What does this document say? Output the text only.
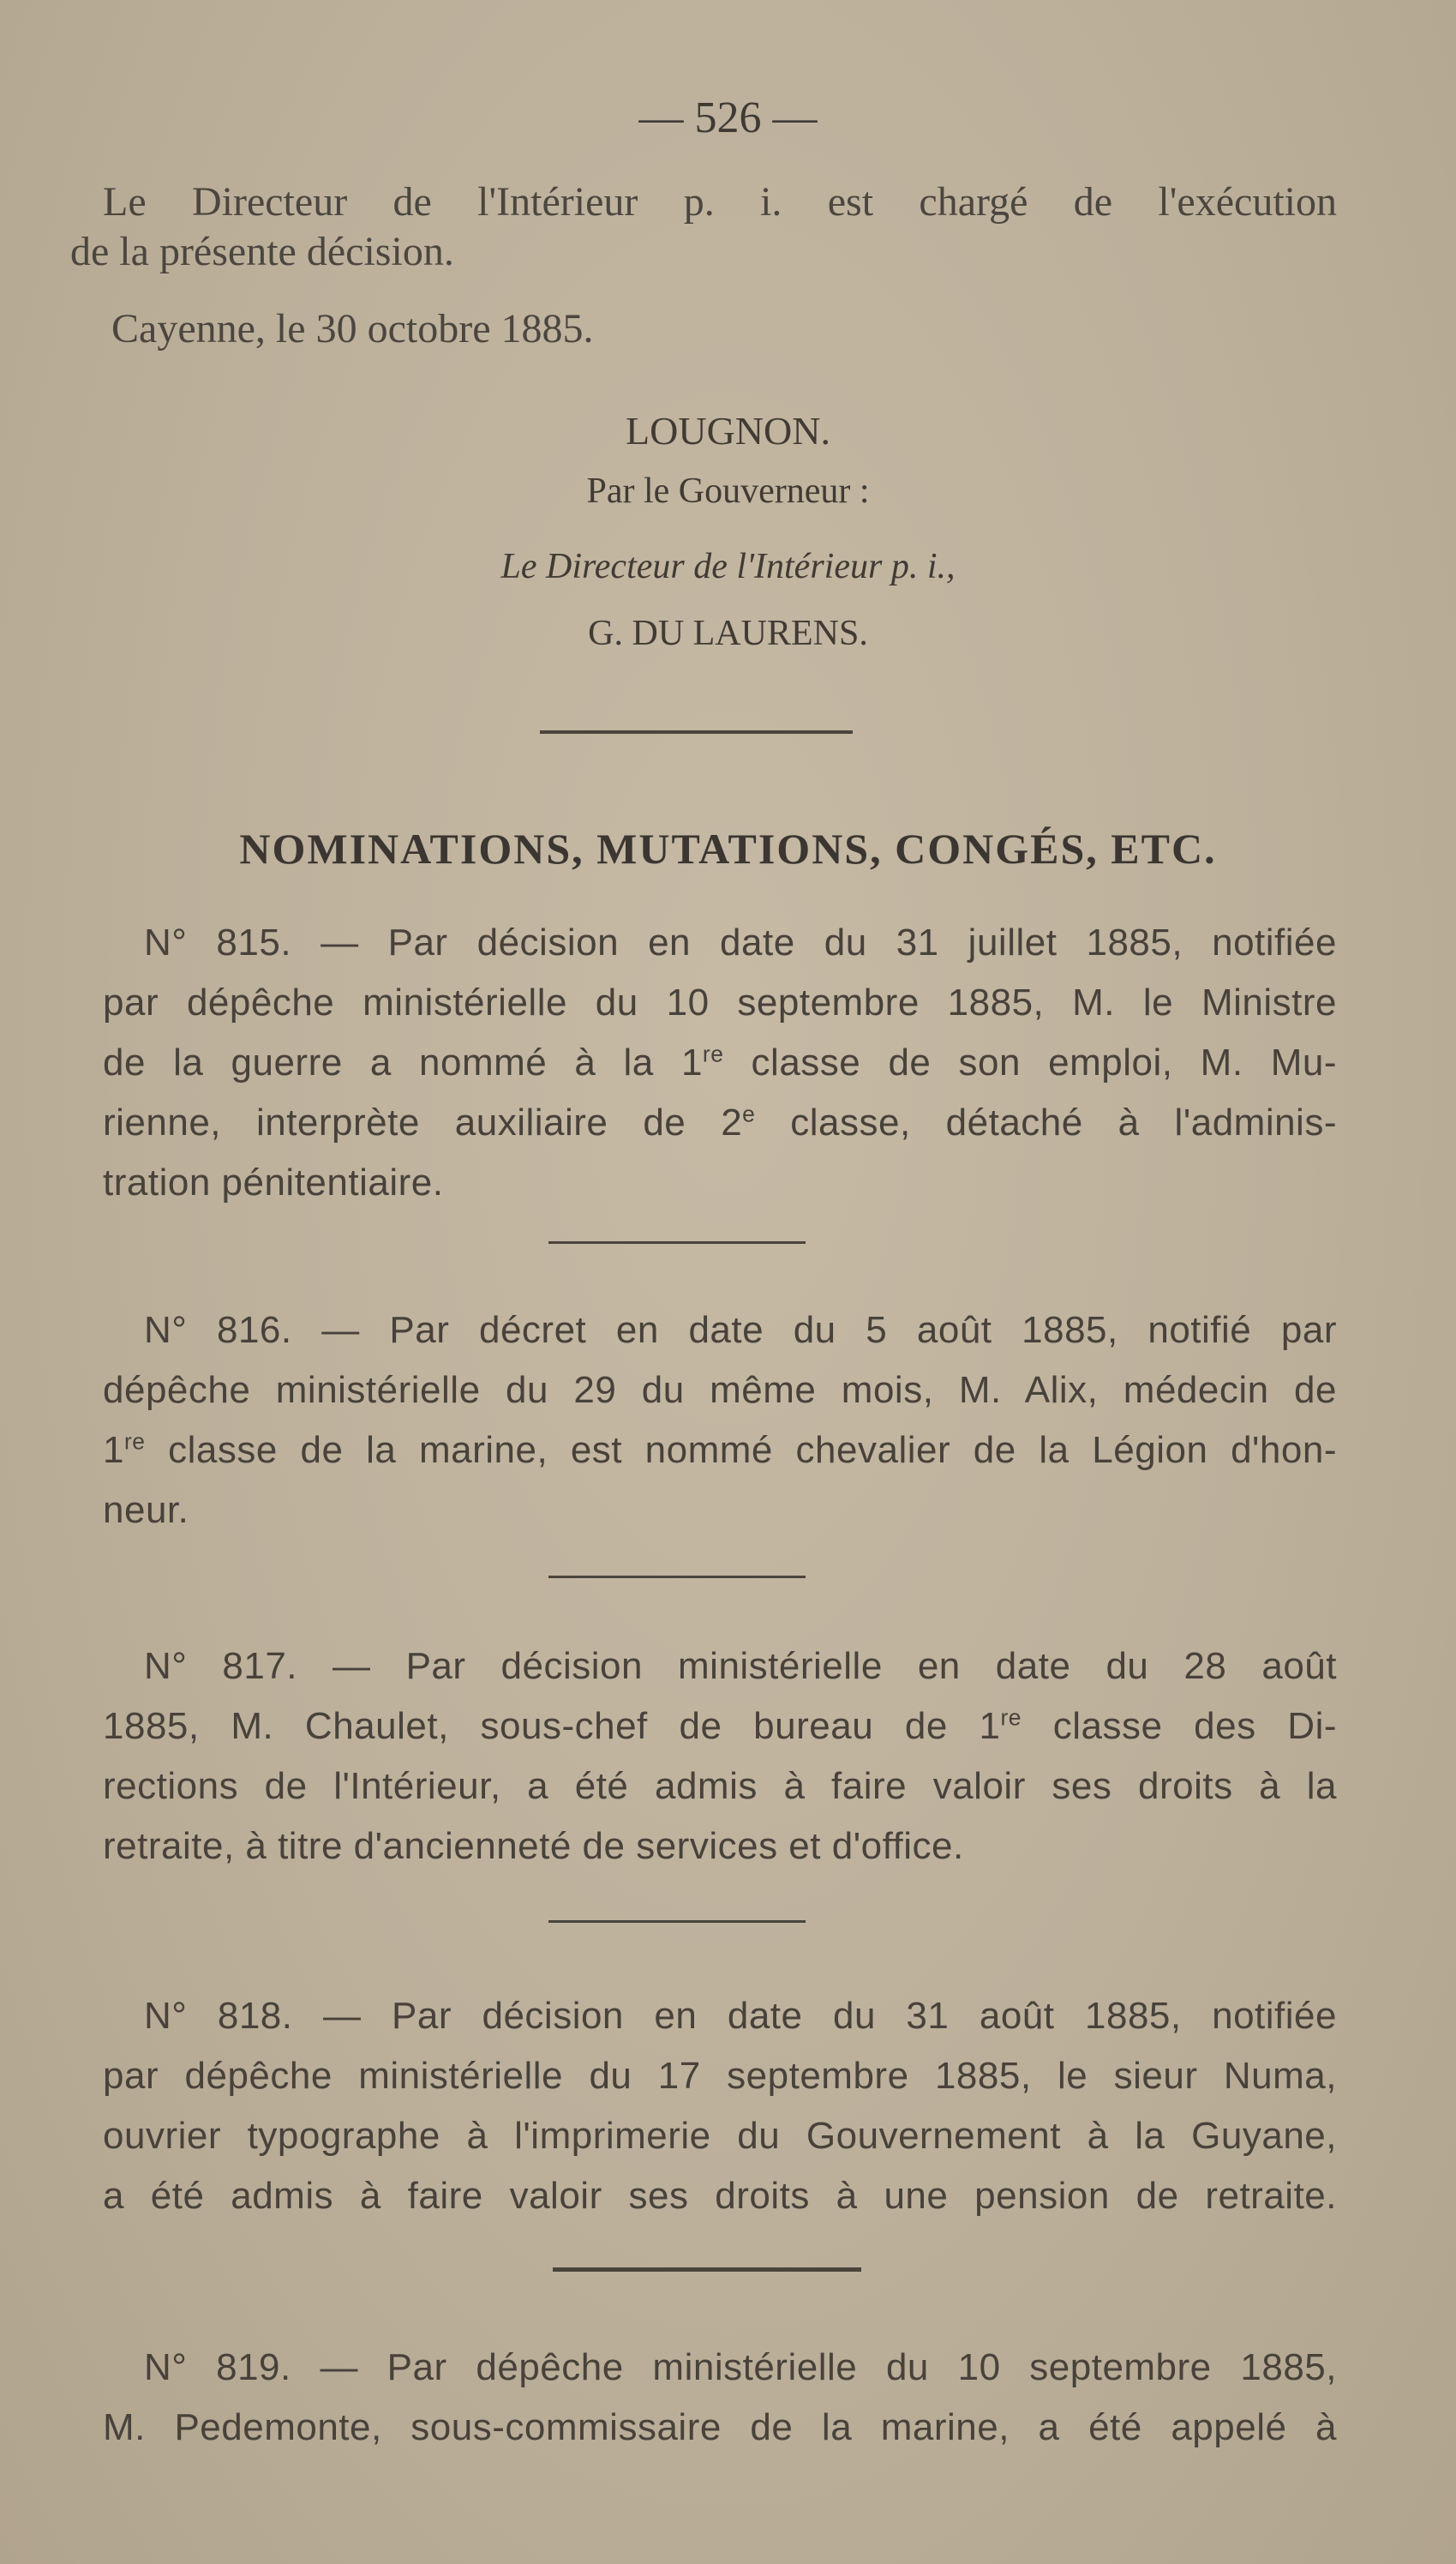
— 526 —
Le Directeur de l'Intérieur p. i. est chargé de l'exécution
de la présente décision.
Cayenne, le 30 octobre 1885.
LOUGNON.
Par le Gouverneur :
Le Directeur de l'Intérieur p. i.,
G. DU LAURENS.
NOMINATIONS, MUTATIONS, CONGÉS, ETC.
N° 815. — Par décision en date du 31 juillet 1885, notifiée
par dépêche ministérielle du 10 septembre 1885, M. le Ministre
de la guerre a nommé à la 1re classe de son emploi, M. Mu-
rienne, interprète auxiliaire de 2e classe, détaché à l'adminis-
tration pénitentiaire.
N° 816. — Par décret en date du 5 août 1885, notifié par
dépêche ministérielle du 29 du même mois, M. Alix, médecin de
1re classe de la marine, est nommé chevalier de la Légion d'hon-
neur.
N° 817. — Par décision ministérielle en date du 28 août
1885, M. Chaulet, sous-chef de bureau de 1re classe des Di-
rections de l'Intérieur, a été admis à faire valoir ses droits à la
retraite, à titre d'ancienneté de services et d'office.
N° 818. — Par décision en date du 31 août 1885, notifiée
par dépêche ministérielle du 17 septembre 1885, le sieur Numa,
ouvrier typographe à l'imprimerie du Gouvernement à la Guyane,
a été admis à faire valoir ses droits à une pension de retraite.
N° 819. — Par dépêche ministérielle du 10 septembre 1885,
M. Pedemonte, sous-commissaire de la marine, a été appelé à
